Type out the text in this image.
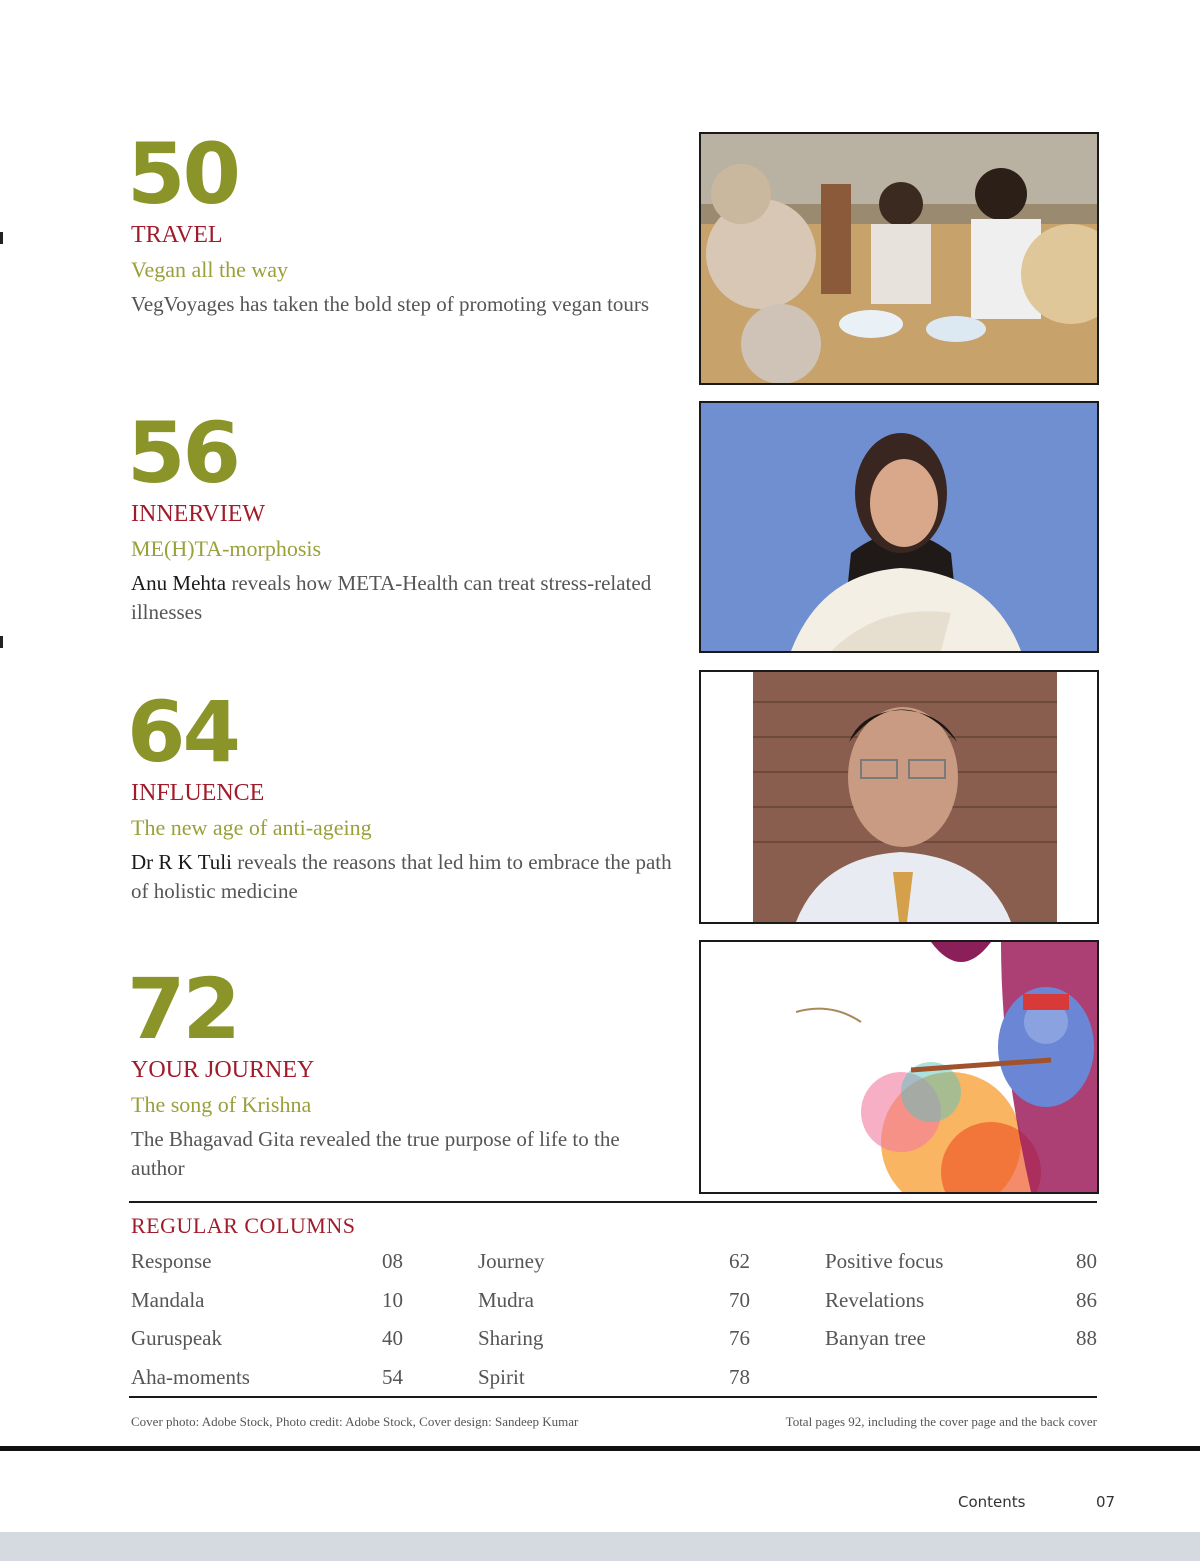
50
TRAVEL
Vegan all the way
VegVoyages has taken the bold step of promoting vegan tours
56
INNERVIEW
ME(H)TA-morphosis
Anu Mehta reveals how META-Health can treat stress-related illnesses
64
INFLUENCE
The new age of anti-ageing
Dr R K Tuli reveals the reasons that led him to embrace the path of holistic medicine
72
YOUR JOURNEY
The song of Krishna
The Bhagavad Gita revealed the true purpose of life to the author
REGULAR COLUMNS
Response	08
Mandala	10
Guruspeak	40
Aha-moments	54
Journey	62
Mudra	70
Sharing	76
Spirit	78
Positive focus	80
Revelations	86
Banyan tree	88
Cover photo: Adobe Stock, Photo credit: Adobe Stock, Cover design: Sandeep Kumar	Total pages 92, including the cover page and the back cover
Contents	07
